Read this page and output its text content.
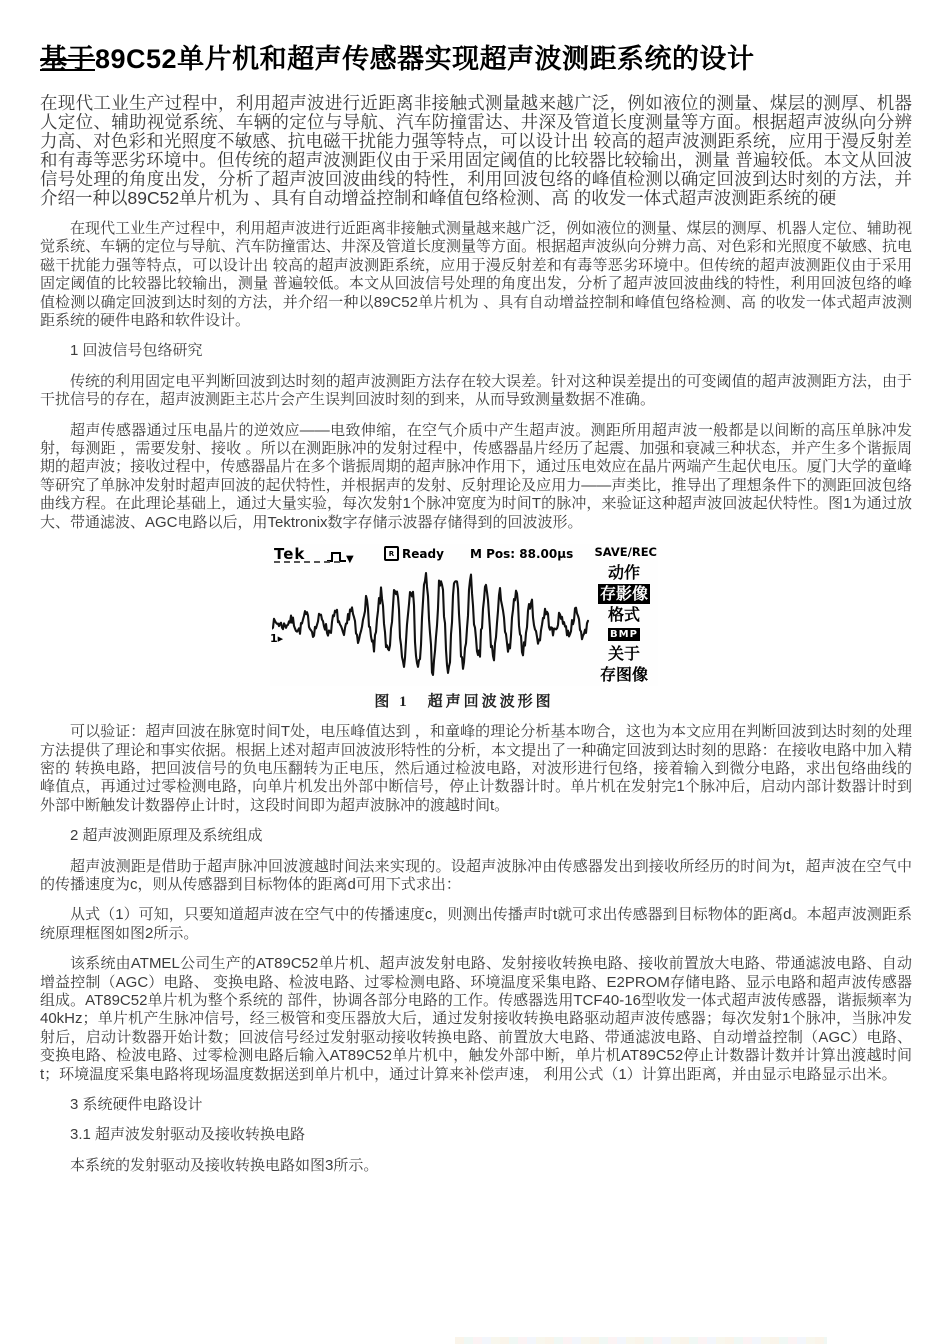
基于89C52单片机和超声传感器实现超声波测距系统的设计

在现代工业生产过程中，利用超声波进行近距离非接触式测量越来越广泛，例如液位的测量、煤层的测厚、机器人定位、辅助视觉系统、车辆的定位与导航、汽车防撞雷达、井深及管道长度测量等方面。根据超声波纵向分辨力高、对色彩和光照度不敏感、抗电磁干扰能力强等特点，可以设计出 较高的超声波测距系统，应用于漫反射差和有毒等恶劣环境中。但传统的超声波测距仪由于采用固定阈值的比较器比较输出，测量 普遍较低。本文从回波信号处理的角度出发，分析了超声波回波曲线的特性，利用回波包络的峰值检测以确定回波到达时刻的方法，并介绍一种以89C52单片机为 、具有自动增益控制和峰值包络检测、高 的收发一体式超声波测距系统的硬

在现代工业生产过程中，利用超声波进行近距离非接触式测量越来越广泛，例如液位的测量、煤层的测厚、机器人定位、辅助视觉系统、车辆的定位与导航、汽车防撞雷达、井深及管道长度测量等方面。根据超声波纵向分辨力高、对色彩和光照度不敏感、抗电磁干扰能力强等特点，可以设计出 较高的超声波测距系统，应用于漫反射差和有毒等恶劣环境中。但传统的超声波测距仪由于采用固定阈值的比较器比较输出，测量 普遍较低。本文从回波信号处理的角度出发，分析了超声波回波曲线的特性，利用回波包络的峰值检测以确定回波到达时刻的方法，并介绍一种以89C52单片机为 、具有自动增益控制和峰值包络检测、高 的收发一体式超声波测距系统的硬件电路和软件设计。

1 回波信号包络研究

传统的利用固定电平判断回波到达时刻的超声波测距方法存在较大误差。针对这种误差提出的可变阈值的超声波测距方法，由于干扰信号的存在，超声波测距主芯片会产生误判回波时刻的到来，从而导致测量数据不准确。

超声传感器通过压电晶片的逆效应——电致伸缩，在空气介质中产生超声波。测距所用超声波一般都是以间断的高压单脉冲发射，每测距 ，需要发射、接收 。所以在测距脉冲的发射过程中，传感器晶片经历了起震、加强和衰减三种状态，并产生多个谐振周期的超声波；接收过程中，传感器晶片在多个谐振周期的超声脉冲作用下，通过压电效应在晶片两端产生起伏电压。厦门大学的童峰等研究了单脉冲发射时超声回波的起伏特性，并根据声的发射、反射理论及应用力——声类比，推导出了理想条件下的测距回波包络曲线方程。在此理论基础上，通过大量实验，每次发射1个脉冲宽度为时间T的脉冲，来验证这种超声波回波起伏特性。图1为通过放大、带通滤波、AGC电路以后，用Tektronix数字存储示波器存储得到的回波波形。

Tek	▼
R Ready M Pos: 88.00μs SAVE/REC
动作
存影像
格式
BMP
关于
存图像
1▸
图 1　超声回波波形图

可以验证：超声回波在脉宽时间T处，电压峰值达到 ，和童峰的理论分析基本吻合，这也为本文应用在判断回波到达时刻的处理方法提供了理论和事实依据。根据上述对超声回波波形特性的分析，本文提出了一种确定回波到达时刻的思路：在接收电路中加入精密的 转换电路，把回波信号的负电压翻转为正电压，然后通过检波电路，对波形进行包络，接着输入到微分电路，求出包络曲线的峰值点，再通过过零检测电路，向单片机发出外部中断信号，停止计数器计时。单片机在发射完1个脉冲后，启动内部计数器计时到外部中断触发计数器停止计时，这段时间即为超声波脉冲的渡越时间t。

2 超声波测距原理及系统组成

超声波测距是借助于超声脉冲回波渡越时间法来实现的。设超声波脉冲由传感器发出到接收所经历的时间为t，超声波在空气中的传播速度为c，则从传感器到目标物体的距离d可用下式求出：

从式（1）可知，只要知道超声波在空气中的传播速度c，则测出传播声时t就可求出传感器到目标物体的距离d。本超声波测距系统原理框图如图2所示。

该系统由ATMEL公司生产的AT89C52单片机、超声波发射电路、发射接收转换电路、接收前置放大电路、带通滤波电路、自动增益控制（AGC）电路、 变换电路、检波电路、过零检测电路、环境温度采集电路、E2PROM存储电路、显示电路和超声波传感器组成。AT89C52单片机为整个系统的 部件，协调各部分电路的工作。传感器选用TCF40-16型收发一体式超声波传感器，谐振频率为40kHz；单片机产生脉冲信号，经三极管和变压器放大后，通过发射接收转换电路驱动超声波传感器；每次发射1个脉冲，当脉冲发射后，启动计数器开始计数；回波信号经过发射驱动接收转换电路、前置放大电路、带通滤波电路、自动增益控制（AGC）电路、 变换电路、检波电路、过零检测电路后输入AT89C52单片机中，触发外部中断，单片机AT89C52停止计数器计数并计算出渡越时间t；环境温度采集电路将现场温度数据送到单片机中，通过计算来补偿声速， 利用公式（1）计算出距离，并由显示电路显示出米。

3 系统硬件电路设计

3.1 超声波发射驱动及接收转换电路

本系统的发射驱动及接收转换电路如图3所示。
